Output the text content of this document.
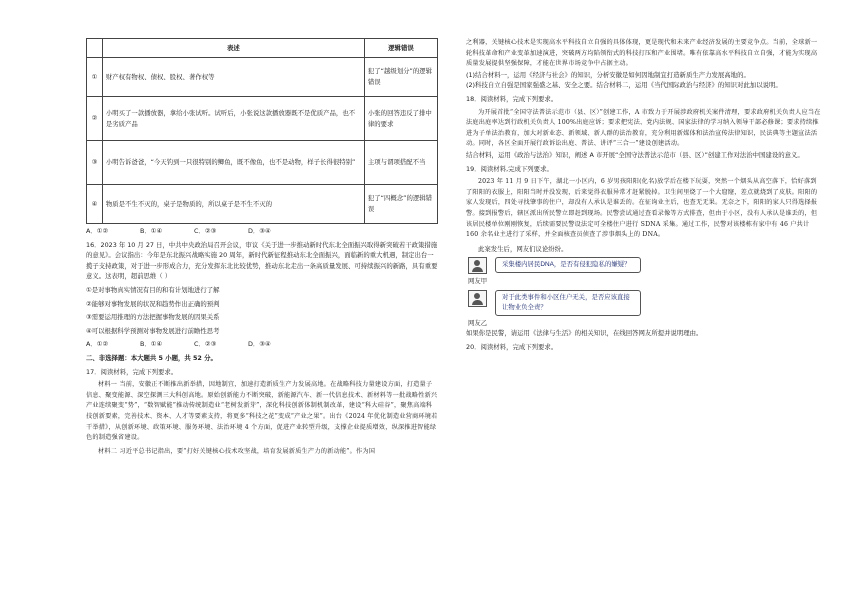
	表述	逻辑错误
①	财产权有物权、债权、股权、著作权等	犯了“越级划分”的逻辑错误
②	小明买了一款播放器，拿给小张试听。试听后，小张说这款播放器既不是优质产品，也不是劣质产品	小张的回答违反了排中律的要求
③	小明告诉爸爸，“今天钓到一只很特别的鲫鱼，既不像鱼，也不是动物，样子长得很特别”	主项与谓项搭配不当
④	物质是不生不灭的，桌子是物质的，所以桌子是不生不灭的	犯了“四概念”的逻辑错误
A．①②	B．①④	C．②③	D．③④

16．2023 年 10 月 27 日，中共中央政治局召开会议，审议《关于进一步推动新时代东北全面振兴取得新突破若干政策措施的意见》。会议指出：今年是东北振兴战略实施 20 周年，新时代新征程推动东北全面振兴，面临新的重大机遇，制定出台一揽子支持政策，对于进一步形成合力，充分发挥东北比较优势，推动东北走出一条高质量发展、可持续振兴的新路，具有重要意义。这表明，超前思维（ ）

①是对事物真实情况有目的和有计划地进行了解

②能够对事物发展的状况和趋势作出正确的预判

③需要运用推理的方法把握事物发展的因果关系

④可以根据科学预测对事物发展进行前瞻性思考

A．①②	B．①④	C．②③	D．③④

二、非选择题：本大题共 5 小题，共 52 分。

17．阅读材料，完成下列要求。

材料一 当前，安徽正不断推出新举措，因地制宜，加速打造新质生产力发展高地。在战略科技力量建设方面，打造量子信息、聚变能源、深空探测三大科创高地。原始创新能力不断突破，新能源汽车、新一代信息技术、新材料等一批战略性新兴产业连续聚变“势”，“数智赋能”推动传统制造业“老树发新芽”，深化科技创新体制机制改革，建设“科大硅谷”，聚焦高端科技创新要素，完善技术、资本、人才等要素支持，将更多“科技之花”变成“产业之果”。出台《2024 年优化制造业营商环境若干举措》，从创新环境、政策环境、服务环境、法治环境 4 个方面，促进产业转型升级，支撑企业提质增效，纵深推进智能绿色的制造强省建设。

材料二 习近平总书记指出，要“打好关键核心技术攻坚战，培育发展新质生产力的新动能”。作为国

之利器，关键核心技术是实现高水平科技自立自强的具体体现，更是现代和未来产业经济发展的主要竞争点。当前，全球新一轮科技革命和产业变革加速演进，突破两方均陷领衔式的科技打压和产业围堵。唯有依靠高水平科技自立自强，才能为实现高质量发展提供坚强保障，才能在世界市场竞争中占据主动。

(1)结合材料一，运用《经济与社会》的知识，分析安徽是如何因地制宜打造新质生产力发展高地的。

(2)科技自立自强是国家强盛之基、安全之要。结合材料二，运用《当代国际政治与经济》的知识对此加以说明。

18．阅读材料，完成下列要求。

为开展首批“全国守法普法示范市（县、区）”创建工作，A 市致力于开展涉政府机关案件清理，要求政府机关负责人应当在法庭出庭率达到行政机关负责人 100%出庭应诉；要求把宪法、党内法规、国家法律的学习纳入领导干部必修课；要求持续推进为子单法治教育，加大对新业态、新领域、新人群的法治教育，充分利用新媒体和法治宣传法律知识，民法典等主题宣法活动。同时，各区全面开展行政诉讼出庭、普法、讲评“三合一”建设创建活动。

结合材料，运用《政治与法治》知识，阐述 A 市开展“全国守法普法示范市（县、区）”创建工作对法治中国建设的意义。

19．阅读材料,完成下列要求。

2023 年 11 月 9 日下午，湖北一小区内，6 岁男孩阳阳(化名)放学后在楼下玩耍，突然一个烟头从高空落下，恰好落到了阳阳的衣服上，阳阳当时并没发现，后来觉得衣服异常才赶紧脱掉。卫生间里烧了一个大窟窿，差点就烧到了皮肤。阳阳的家人发现后，四处寻找肇事的住户，却没有人承认是谁丢的。在征询业主后，也查无无果。无奈之下，阳阳的家人只得选择报警。接到报警后，辖区派出所民警立即赶到现场。民警尝试通过查看录像等方式排查，但由于小区，没有人承认是谁丢的，但该居民楼单位刚刚恢复，后续需要民警设法定可全楼住户进行 SDNA 采集。通过工作，民警对该楼栋有家中有 46 户共计 160 余名业主进行了采样，并全面核查员侦查了涉事烟头上的 DNA。

此案发生后，网友们议论纷纷。

采集楼内居民DNA，是否有侵犯隐私的嫌疑？
网友甲
对于此类事件和小区住户无关，是否应该直接让物业负全责？
网友乙

如果你是民警，请运用《法律与生活》的相关知识，在线回答网友所提并说明理由。

20．阅读材料，完成下列要求。
